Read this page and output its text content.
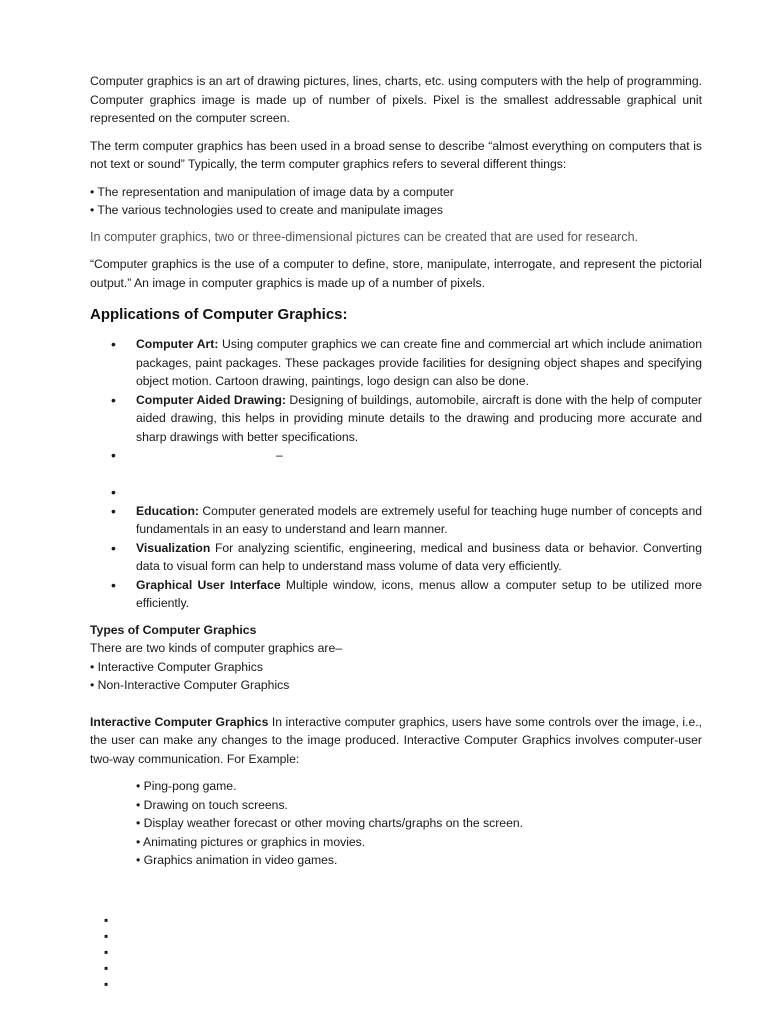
Computer graphics is an art of drawing pictures, lines, charts, etc. using computers with the help of programming. Computer graphics image is made up of number of pixels. Pixel is the smallest addressable graphical unit represented on the computer screen.

The term computer graphics has been used in a broad sense to describe “almost everything on computers that is not text or sound” Typically, the term computer graphics refers to several different things:

• The representation and manipulation of image data by a computer

• The various technologies used to create and manipulate images

In computer graphics, two or three-dimensional pictures can be created that are used for research.

“Computer graphics is the use of a computer to define, store, manipulate, interrogate, and represent the pictorial output.” An image in computer graphics is made up of a number of pixels.

Applications of Computer Graphics:
• Computer Art: Using computer graphics we can create fine and commercial art which include animation packages, paint packages. These packages provide facilities for designing object shapes and specifying object motion. Cartoon drawing, paintings, logo design can also be done.
• Computer Aided Drawing: Designing of buildings, automobile, aircraft is done with the help of computer aided drawing, this helps in providing minute details to the drawing and producing more accurate and sharp drawings with better specifications.
•	–
•
• Education: Computer generated models are extremely useful for teaching huge number of concepts and fundamentals in an easy to understand and learn manner.
• Visualization For analyzing scientific, engineering, medical and business data or behavior. Converting data to visual form can help to understand mass volume of data very efficiently.
• Graphical User Interface Multiple window, icons, menus allow a computer setup to be utilized more efficiently.

Types of Computer Graphics

There are two kinds of computer graphics are–

• Interactive Computer Graphics

• Non-Interactive Computer Graphics

Interactive Computer Graphics In interactive computer graphics, users have some controls over the image, i.e., the user can make any changes to the image produced. Interactive Computer Graphics involves computer-user two-way communication. For Example:

• Ping-pong game.

• Drawing on touch screens.

• Display weather forecast or other moving charts/graphs on the screen.

• Animating pictures or graphics in movies.

• Graphics animation in video games.

▪
▪
▪
▪
▪
